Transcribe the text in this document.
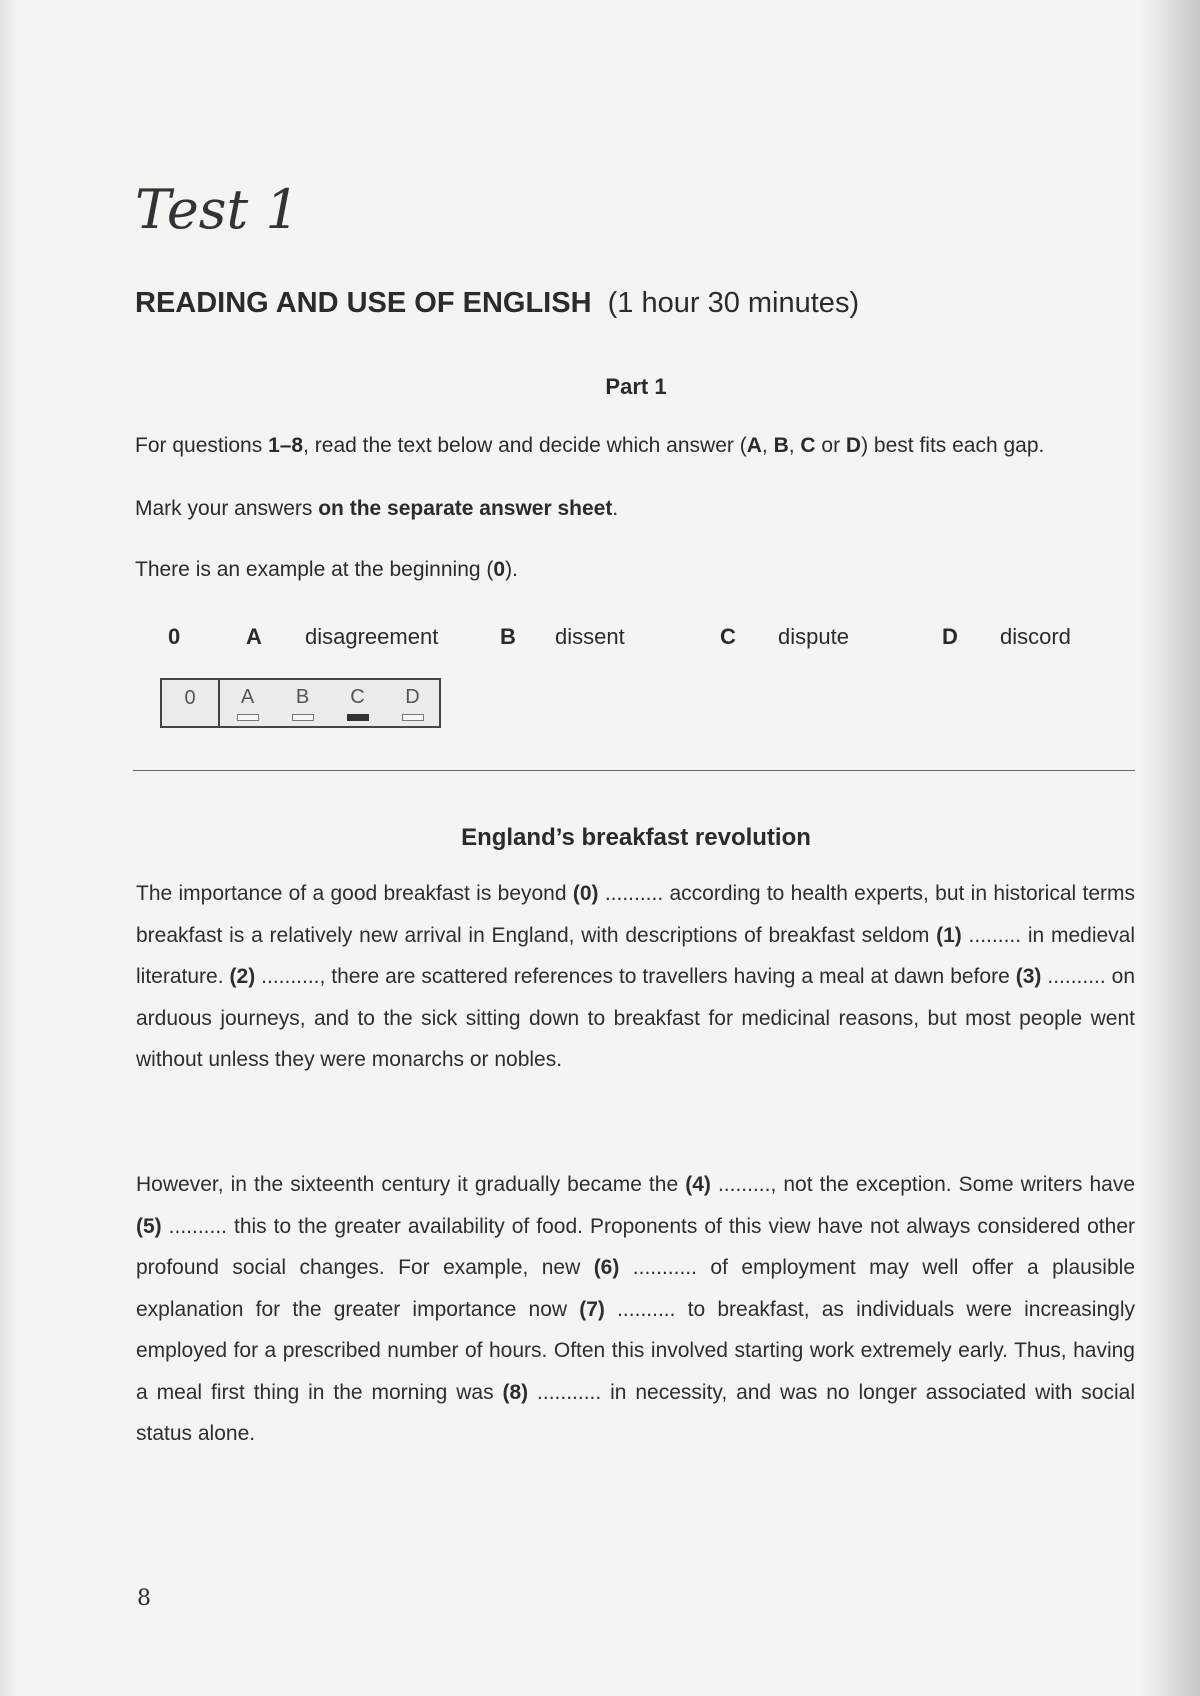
Test 1
READING AND USE OF ENGLISH (1 hour 30 minutes)
Part 1

For questions 1–8, read the text below and decide which answer (A, B, C or D) best fits each gap.

Mark your answers on the separate answer sheet.

There is an example at the beginning (0).

0	A disagreement	B dissent	C dispute	D discord
0	A	B	C	D
England’s breakfast revolution

The importance of a good breakfast is beyond (0) .......... according to health experts, but in historical terms breakfast is a relatively new arrival in England, with descriptions of breakfast seldom (1) ......... in medieval literature. (2) .........., there are scattered references to travellers having a meal at dawn before (3) .......... on arduous journeys, and to the sick sitting down to breakfast for medicinal reasons, but most people went without unless they were monarchs or nobles.

However, in the sixteenth century it gradually became the (4) ........., not the exception. Some writers have (5) .......... this to the greater availability of food. Proponents of this view have not always considered other profound social changes. For example, new (6) ........... of employment may well offer a plausible explanation for the greater importance now (7) .......... to breakfast, as individuals were increasingly employed for a prescribed number of hours. Often this involved starting work extremely early. Thus, having a meal first thing in the morning was (8) ........... in necessity, and was no longer associated with social status alone.

8
